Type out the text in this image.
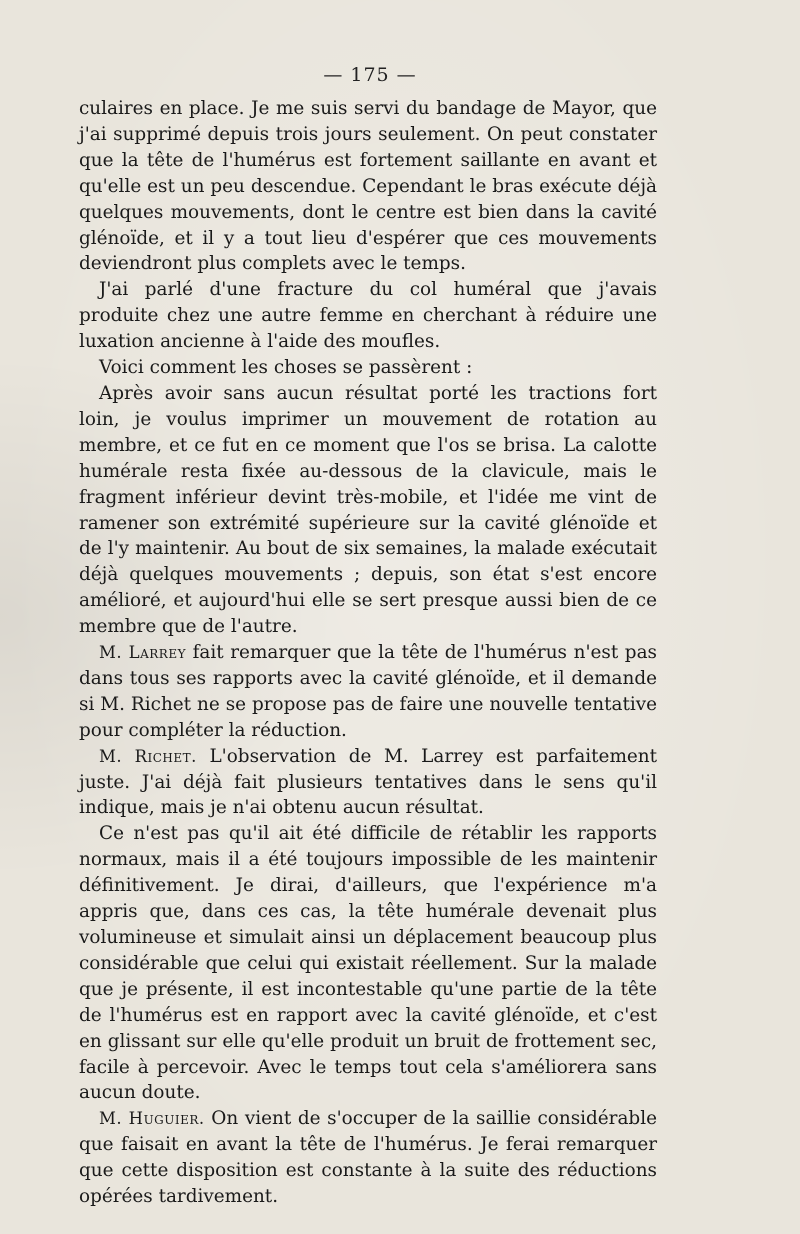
— 175 —

culaires en place. Je me suis servi du bandage de Mayor, que j'ai supprimé depuis trois jours seulement. On peut constater que la tête de l'humérus est fortement saillante en avant et qu'elle est un peu descendue. Cependant le bras exécute déjà quelques mouvements, dont le centre est bien dans la cavité glénoïde, et il y a tout lieu d'espérer que ces mouvements deviendront plus complets avec le temps.

J'ai parlé d'une fracture du col huméral que j'avais produite chez une autre femme en cherchant à réduire une luxation ancienne à l'aide des moufles.

Voici comment les choses se passèrent :

Après avoir sans aucun résultat porté les tractions fort loin, je voulus imprimer un mouvement de rotation au membre, et ce fut en ce moment que l'os se brisa. La calotte humérale resta fixée au-dessous de la clavicule, mais le fragment inférieur devint très-mobile, et l'idée me vint de ramener son extrémité supérieure sur la cavité glénoïde et de l'y maintenir. Au bout de six semaines, la malade exécutait déjà quelques mouvements ; depuis, son état s'est encore amélioré, et aujourd'hui elle se sert presque aussi bien de ce membre que de l'autre.

M. Larrey fait remarquer que la tête de l'humérus n'est pas dans tous ses rapports avec la cavité glénoïde, et il demande si M. Richet ne se propose pas de faire une nouvelle tentative pour compléter la réduction.

M. Richet. L'observation de M. Larrey est parfaitement juste. J'ai déjà fait plusieurs tentatives dans le sens qu'il indique, mais je n'ai obtenu aucun résultat.

Ce n'est pas qu'il ait été difficile de rétablir les rapports normaux, mais il a été toujours impossible de les maintenir définitivement. Je dirai, d'ailleurs, que l'expérience m'a appris que, dans ces cas, la tête humérale devenait plus volumineuse et simulait ainsi un déplacement beaucoup plus considérable que celui qui existait réellement. Sur la malade que je présente, il est incontestable qu'une partie de la tête de l'humérus est en rapport avec la cavité glénoïde, et c'est en glissant sur elle qu'elle produit un bruit de frottement sec, facile à percevoir. Avec le temps tout cela s'améliorera sans aucun doute.

M. Huguier. On vient de s'occuper de la saillie considérable que faisait en avant la tête de l'humérus. Je ferai remarquer que cette disposition est constante à la suite des réductions opérées tardivement.
